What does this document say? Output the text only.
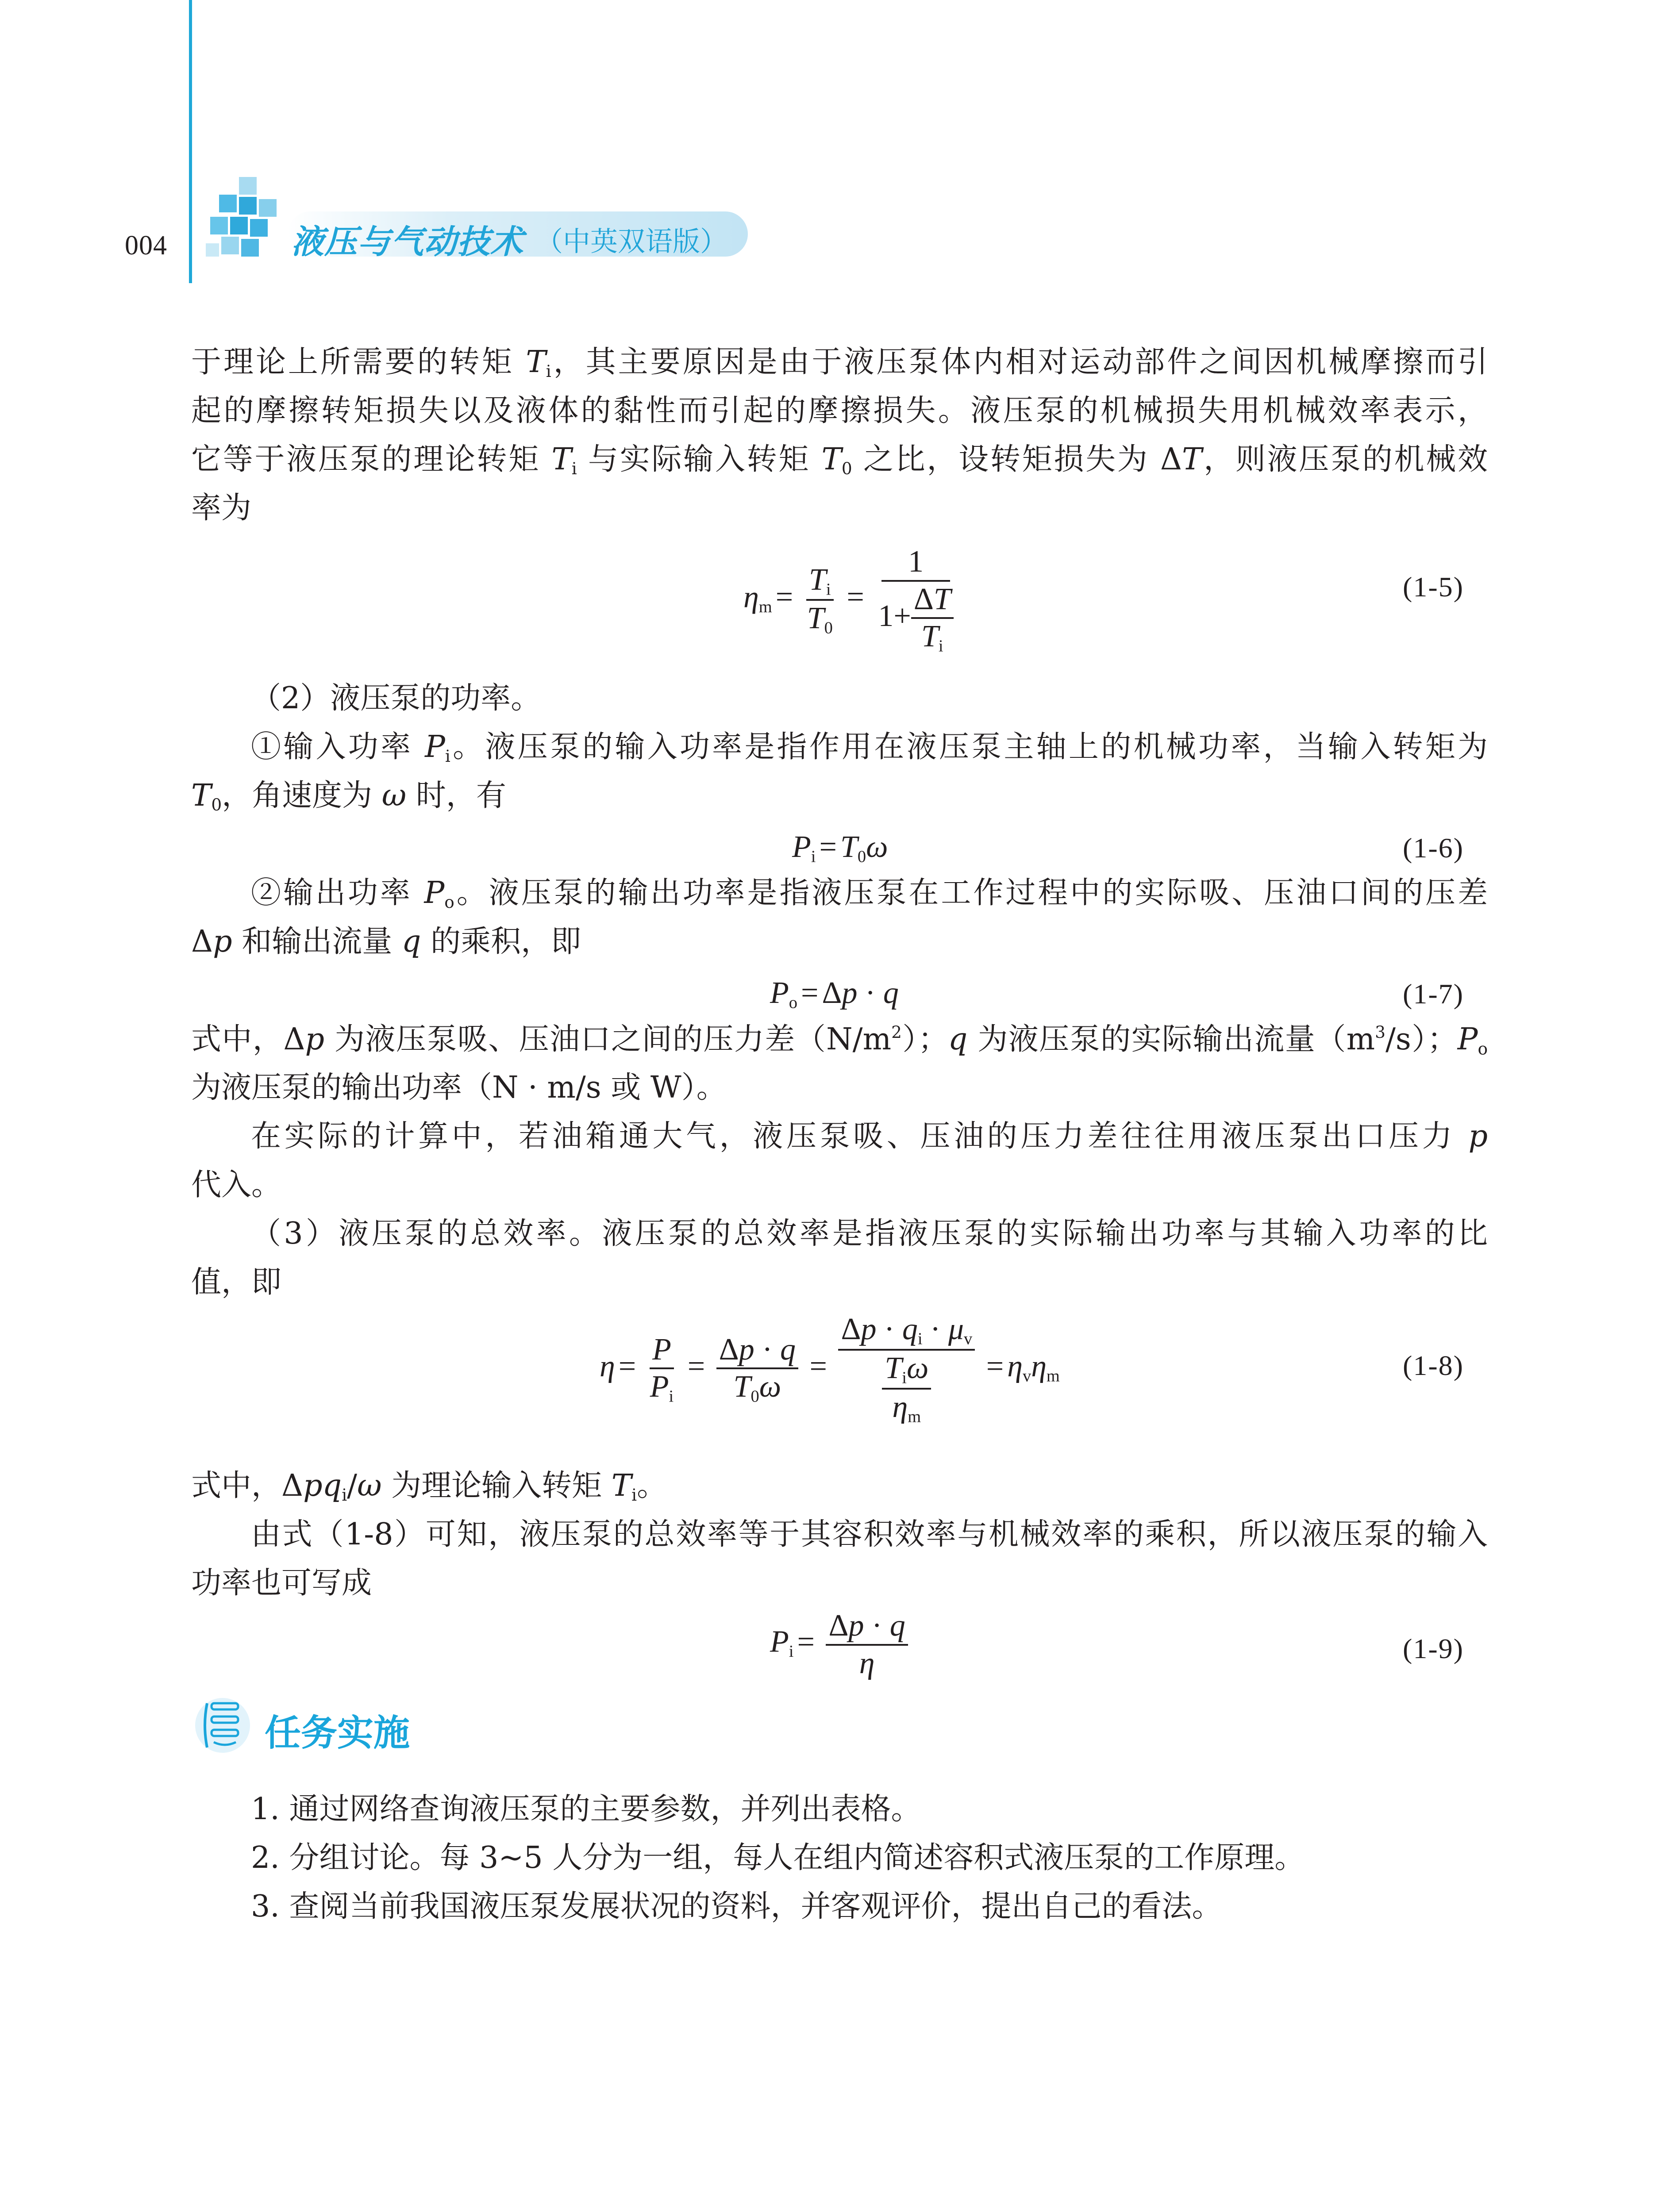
004	液压与气动技术 （中英双语版）
于理论上所需要的转矩 $T_i$，其主要原因是由于液压泵体内相对运动部件之间因机械摩擦而引
起的摩擦转矩损失以及液体的黏性而引起的摩擦损失。液压泵的机械损失用机械效率表示，
它等于液压泵的理论转矩 $T_i$ 与实际输入转矩 $T_0$ 之比，设转矩损失为 ΔT，则液压泵的机械效
率为
$\eta_m = \frac{T_i}{T_0} = \frac{1}{1+ \frac{\Delta T}{T_i}}$	(1-5)
（2）液压泵的功率。
①输入功率 $P_i$。液压泵的输入功率是指作用在液压泵主轴上的机械功率，当输入转矩为
$T_0$，角速度为 ω 时，有
$P_i = T_0\omega$	(1-6)
②输出功率 $P_o$。液压泵的输出功率是指液压泵在工作过程中的实际吸、压油口间的压差
Δp 和输出流量 q 的乘积，即
$P_o = \Delta p \cdot q$	(1-7)
式中，Δp 为液压泵吸、压油口之间的压力差$(N/m^2)$；q 为液压泵的实际输出流量$(m^3/s)$；$P_o$
为液压泵的输出功率（N · m/s 或 W）。
在实际的计算中，若油箱通大气，液压泵吸、压油的压力差往往用液压泵出口压力 p
代入。
（3）液压泵的总效率。液压泵的总效率是指液压泵的实际输出功率与其输入功率的比
值，即
$\eta = \frac{P}{P_i} = \frac{\Delta p \cdot q}{T_0\omega} = \frac{\Delta p \cdot q_i \cdot \mu_v}{\frac{T_i\omega}{\eta_m}} = \eta_v\eta_m$	(1-8)
式中，Δpq$_i$/ω 为理论输入转矩 $T_i$。
由式（1-8）可知，液压泵的总效率等于其容积效率与机械效率的乘积，所以液压泵的输入
功率也可写成
$P_i = \frac{\Delta p \cdot q}{\eta}$	(1-9)
任务实施
1. 通过网络查询液压泵的主要参数，并列出表格。
2. 分组讨论。每 3~5 人分为一组，每人在组内简述容积式液压泵的工作原理。
3. 查阅当前我国液压泵发展状况的资料，并客观评价，提出自己的看法。
